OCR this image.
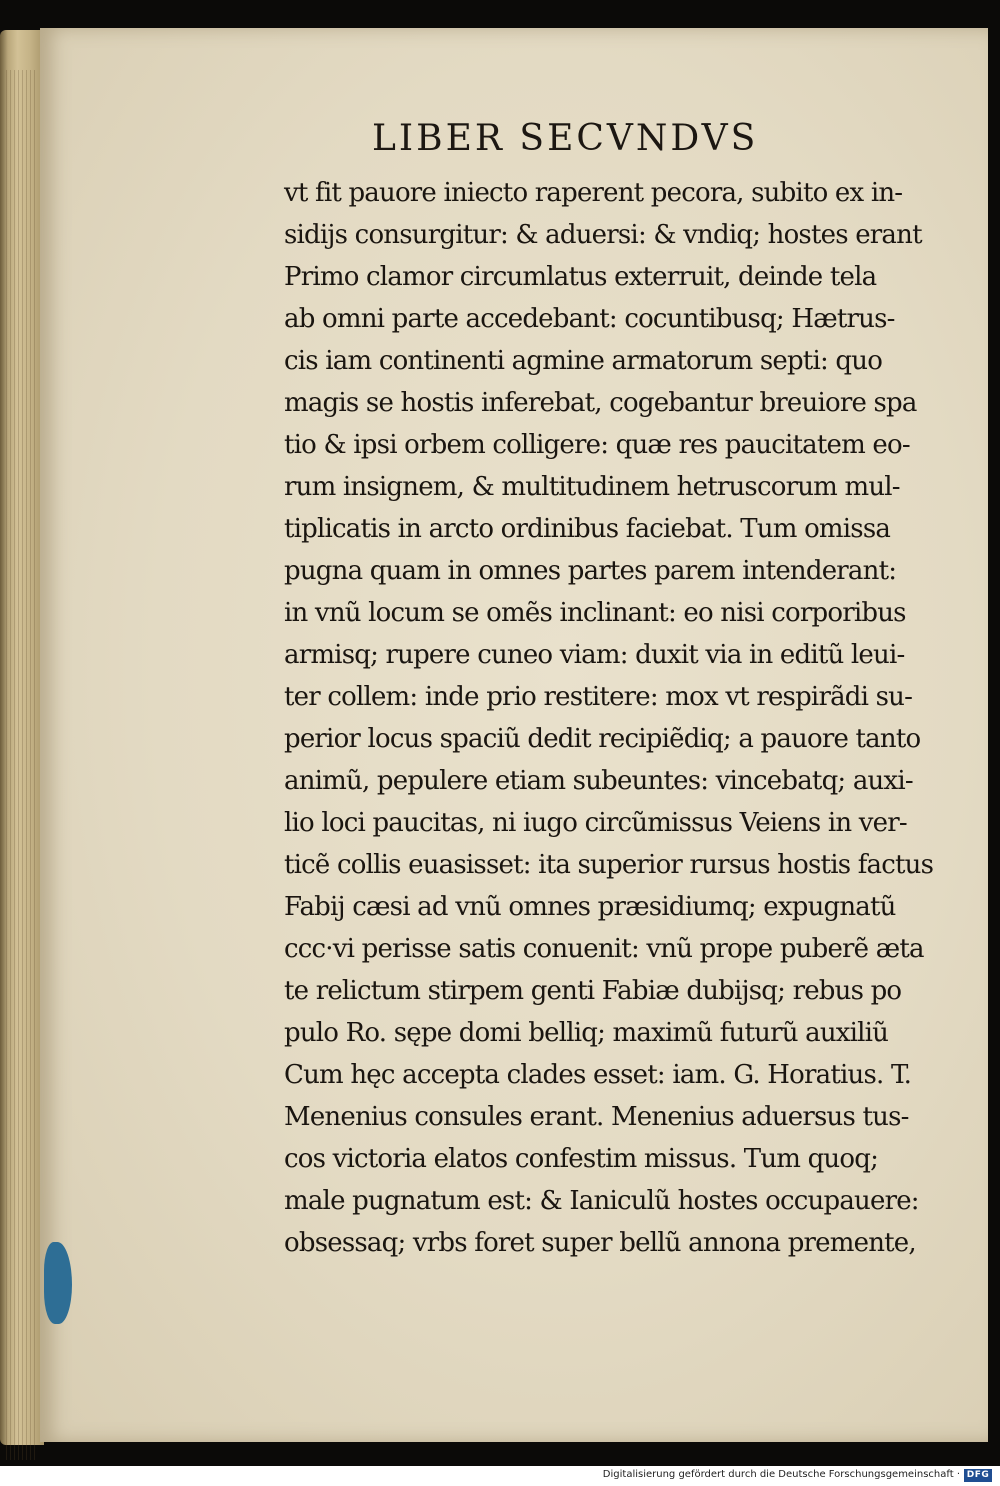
LIBER SECVNDVS
vt fit pauore iniecto raperent pecora, subito ex in-
sidijs consurgitur: & aduersi: & vndiq; hostes erant
Primo clamor circumlatus exterruit, deinde tela
ab omni parte accedebant: cocuntibusq; Hætrus-
cis iam continenti agmine armatorum septi: quo
magis se hostis inferebat, cogebantur breuiore spa
tio & ipsi orbem colligere: quæ res paucitatem eo-
rum insignem, & multitudinem hetruscorum mul-
tiplicatis in arcto ordinibus faciebat. Tum omissa
pugna quam in omnes partes parem intenderant:
in vnũ locum se omẽs inclinant: eo nisi corporibus
armisq; rupere cuneo viam: duxit via in editũ leui-
ter collem: inde prio restitere: mox vt respirãdi su-
perior locus spaciũ dedit recipiẽdiq; a pauore tanto
animũ, pepulere etiam subeuntes: vincebatq; auxi-
lio loci paucitas, ni iugo circũmissus Veiens in ver-
ticẽ collis euasisset: ita superior rursus hostis factus
Fabij cæsi ad vnũ omnes præsidiumq; expugnatũ
ccc·vi perisse satis conuenit: vnũ prope puberẽ æta
te relictum stirpem genti Fabiæ dubijsq; rebus po
pulo Ro. sępe domi belliq; maximũ futurũ auxiliũ
Cum hęc accepta clades esset: iam. G. Horatius. T.
Menenius consules erant. Menenius aduersus tus-
cos victoria elatos confestim missus. Tum quoq;
male pugnatum est: & Ianiculũ hostes occupauere:
obsessaq; vrbs foret super bellũ annona premente,
Digitalisierung gefördert durch die Deutsche Forschungsgemeinschaft · DFG
